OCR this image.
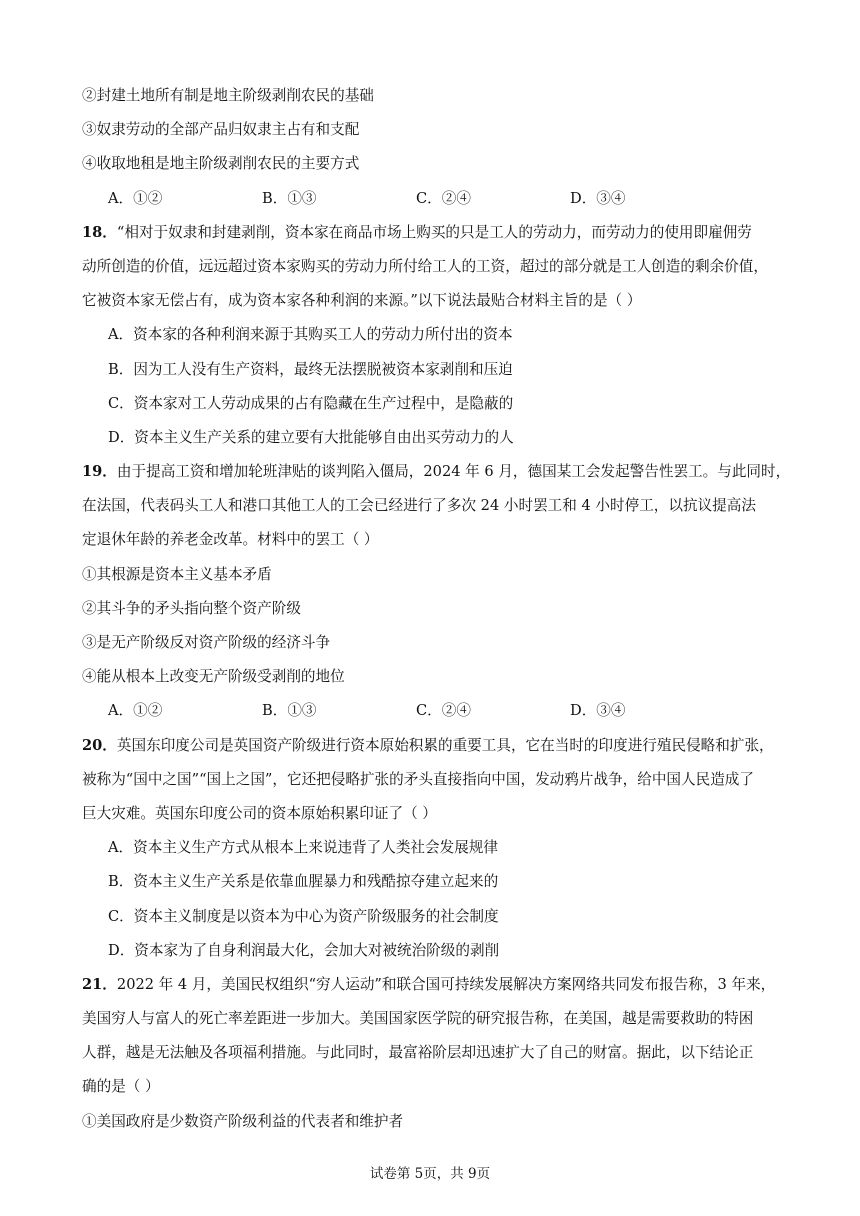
②封建土地所有制是地主阶级剥削农民的基础
③奴隶劳动的全部产品归奴隶主占有和支配
④收取地租是地主阶级剥削农民的主要方式
A．①②	B．①③	C．②④	D．③④
18．“相对于奴隶和封建剥削，资本家在商品市场上购买的只是工人的劳动力，而劳动力的使用即雇佣劳
动所创造的价值，远远超过资本家购买的劳动力所付给工人的工资，超过的部分就是工人创造的剩余价值，
它被资本家无偿占有，成为资本家各种利润的来源。”以下说法最贴合材料主旨的是（ ）
A．资本家的各种利润来源于其购买工人的劳动力所付出的资本
B．因为工人没有生产资料，最终无法摆脱被资本家剥削和压迫
C．资本家对工人劳动成果的占有隐藏在生产过程中，是隐蔽的
D．资本主义生产关系的建立要有大批能够自由出买劳动力的人
19．由于提高工资和增加轮班津贴的谈判陷入僵局，2024 年 6 月，德国某工会发起警告性罢工。与此同时，
在法国，代表码头工人和港口其他工人的工会已经进行了多次 24 小时罢工和 4 小时停工，以抗议提高法
定退休年龄的养老金改革。材料中的罢工（ ）
①其根源是资本主义基本矛盾
②其斗争的矛头指向整个资产阶级
③是无产阶级反对资产阶级的经济斗争
④能从根本上改变无产阶级受剥削的地位
A．①②	B．①③	C．②④	D．③④
20．英国东印度公司是英国资产阶级进行资本原始积累的重要工具，它在当时的印度进行殖民侵略和扩张，
被称为“国中之国”“国上之国”，它还把侵略扩张的矛头直接指向中国，发动鸦片战争，给中国人民造成了
巨大灾难。英国东印度公司的资本原始积累印证了（ ）
A．资本主义生产方式从根本上来说违背了人类社会发展规律
B．资本主义生产关系是依靠血腥暴力和残酷掠夺建立起来的
C．资本主义制度是以资本为中心为资产阶级服务的社会制度
D．资本家为了自身利润最大化，会加大对被统治阶级的剥削
21．2022 年 4 月，美国民权组织“穷人运动”和联合国可持续发展解决方案网络共同发布报告称，3 年来，
美国穷人与富人的死亡率差距进一步加大。美国国家医学院的研究报告称，在美国，越是需要救助的特困
人群，越是无法触及各项福利措施。与此同时，最富裕阶层却迅速扩大了自己的财富。据此，以下结论正
确的是（ ）
①美国政府是少数资产阶级利益的代表者和维护者
试卷第 5页，共 9页
